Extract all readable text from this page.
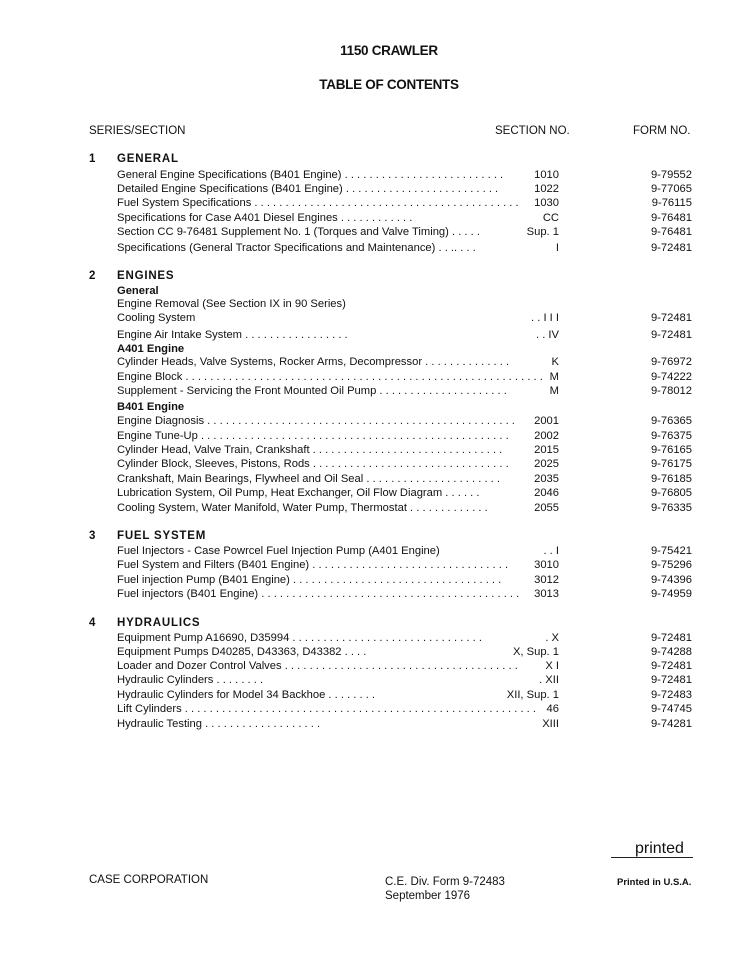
1150 CRAWLER
TABLE OF CONTENTS
SERIES/SECTION	SECTION NO.	FORM NO.
1 GENERAL
General Engine Specifications (B401 Engine) . . . . . . . . . . . . . . . . . . . . . . . . . .	1010	9-79552
Detailed Engine Specifications (B401 Engine) . . . . . . . . . . . . . . . . . . . . . . . . .	1022	9-77065
Fuel System Specifications . . . . . . . . . . . . . . . . . . . . . . . . . . . . . . . . . . . . . . . . . . . 1030	9-76115
Specifications for Case A401 Diesel Engines . . . . . . . . . . . .	CC	9-76481
Section CC 9-76481 Supplement No. 1 (Torques and Valve Timing) . . . . .	Sup. 1	9-76481
Specifications (General Tractor Specifications and Maintenance) . . .. . . .	I	9-72481
2 ENGINES
General
Engine Removal (See Section IX in 90 Series)
Cooling System	. . I I I	9-72481
Engine Air Intake System . . . . . . . . . . . . . . . . .	. . IV	9-72481
A401 Engine
Cylinder Heads, Valve Systems, Rocker Arms, Decompressor . . . . . . . . . . . . . .	K	9-76972
Engine Block . . . . . . . . . . . . . . . . . . . . . . . . . . . . . . . . . . . . . . . . . . . . . . . . . . . . . . . . . . M	9-74222
Supplement - Servicing the Front Mounted Oil Pump . . . . . . . . . . . . . . . . . . . . .	M	9-78012
B401 Engine
Engine Diagnosis . . . . . . . . . . . . . . . . . . . . . . . . . . . . . . . . . . . . . . . . . . . . . . . . . . 2001	9-76365
Engine Tune-Up . . . . . . . . . . . . . . . . . . . . . . . . . . . . . . . . . . . . . . . . . . . . . . . . . . 2002	9-76375
Cylinder Head, Valve Train, Crankshaft . . . . . . . . . . . . . . . . . . . . . . . . . . . . . . .	2015	9-76165
Cylinder Block, Sleeves, Pistons, Rods . . . . . . . . . . . . . . . . . . . . . . . . . . . . . . . . 2025	9-76175
Crankshaft, Main Bearings, Flywheel and Oil Seal . . . . . . . . . . . . . . . . . . . . . .	2035	9-76185
Lubrication System, Oil Pump, Heat Exchanger, Oil Flow Diagram . . . . . .	2046	9-76805
Cooling System, Water Manifold, Water Pump, Thermostat . . . . . . . . . . . . .	2055	9-76335
3 FUEL SYSTEM
Fuel Injectors - Case Powrcel Fuel Injection Pump (A401 Engine)	. . I	9-75421
Fuel System and Filters (B401 Engine) . . . . . . . . . . . . . . . . . . . . . . . . . . . . . . . . 3010	9-75296
Fuel injection Pump (B401 Engine) . . . . . . . . . . . . . . . . . . . . . . . . . . . . . . . . . .	3012	9-74396
Fuel injectors (B401 Engine) . . . . . . . . . . . . . . . . . . . . . . . . . . . . . . . . . . . . . . . . . . 3013	9-74959
4 HYDRAULICS
Equipment Pump A16690, D35994 . . . . . . . . . . . . . . . . . . . . . . . . . . . . . . .	. X	9-72481
Equipment Pumps D40285, D43363, D43382 . . . .	X, Sup. 1	9-74288
Loader and Dozer Control Valves . . . . . . . . . . . . . . . . . . . . . . . . . . . . . . . . . . . . . . X I	9-72481
Hydraulic Cylinders . . . . . . . .	. XII	9-72481
Hydraulic Cylinders for Model 34 Backhoe . . . . . . . .	XII, Sup. 1	9-72483
Lift Cylinders . . . . . . . . . . . . . . . . . . . . . . . . . . . . . . . . . . . . . . . . . . . . . . . . . . . . . . . . . 46	9-74745
Hydraulic Testing . . . . . . . . . . . . . . . . . . .	XIII	9-74281
printed
CASE CORPORATION	C.E. Div. Form 9-72483
September 1976
Printed in U.S.A.
